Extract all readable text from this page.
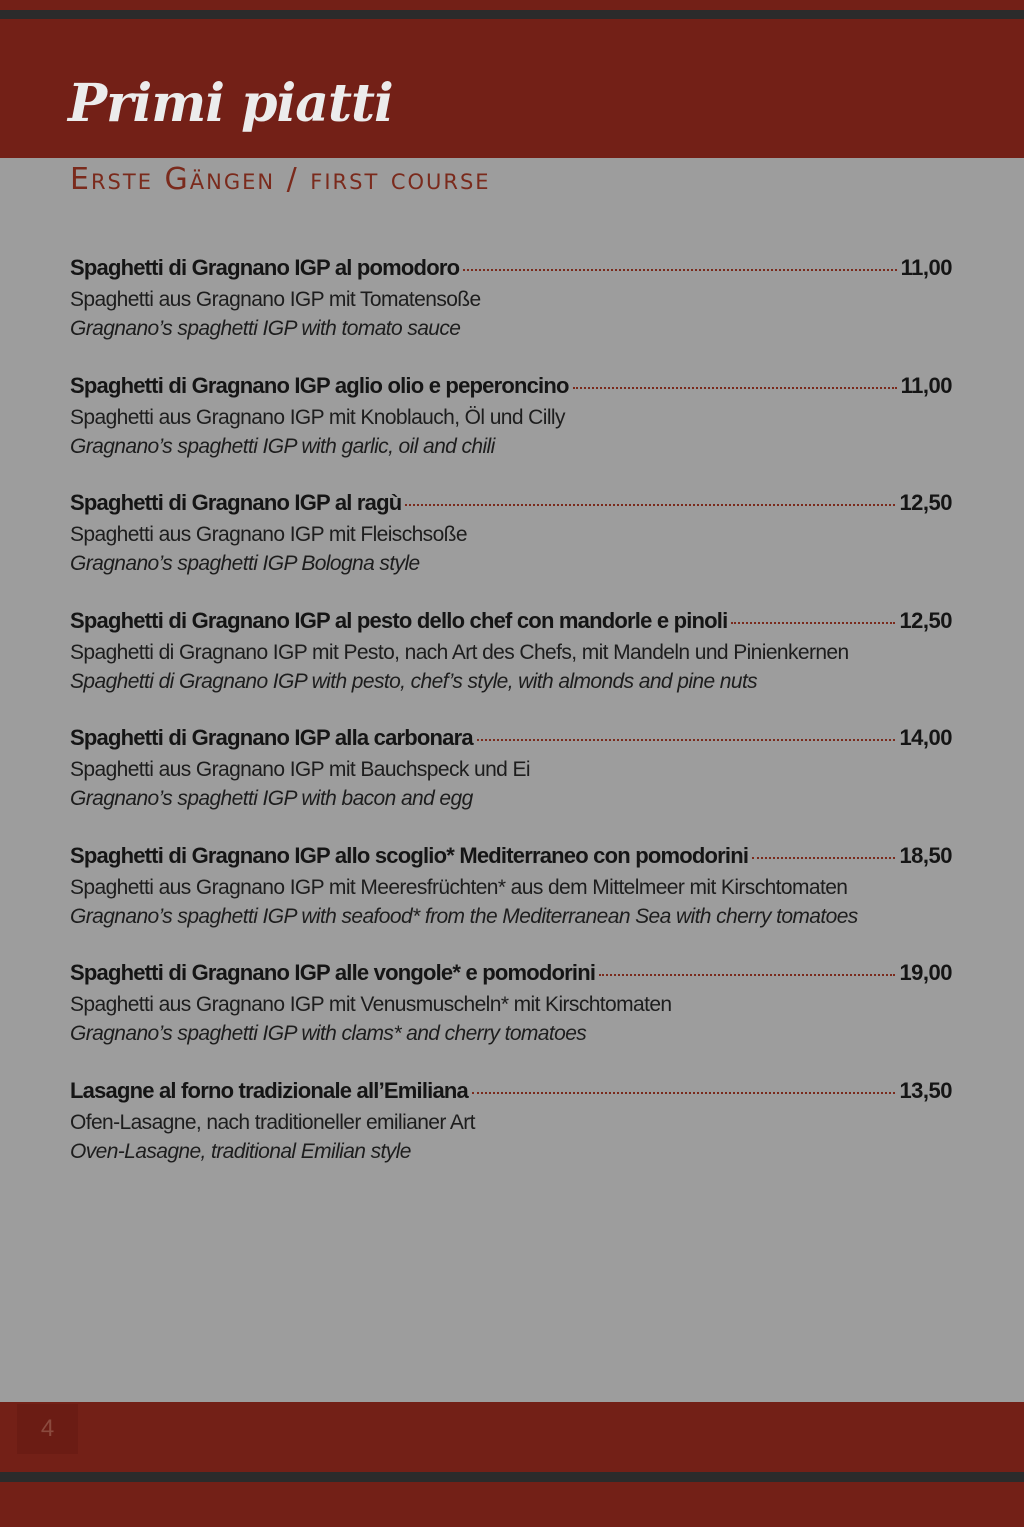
Primi piatti
Erste Gängen / first course
Spaghetti di Gragnano IGP al pomodoro	11,00
Spaghetti aus Gragnano IGP mit Tomatensoße
Gragnano’s spaghetti IGP with tomato sauce
Spaghetti di Gragnano IGP aglio olio e peperoncino	11,00
Spaghetti aus Gragnano IGP mit Knoblauch, Öl und Cilly
Gragnano’s spaghetti IGP with garlic, oil and chili
Spaghetti di Gragnano IGP al ragù	12,50
Spaghetti aus Gragnano IGP mit Fleischsoße
Gragnano’s spaghetti IGP Bologna style
Spaghetti di Gragnano IGP al pesto dello chef con mandorle e pinoli	12,50
Spaghetti di Gragnano IGP mit Pesto, nach Art des Chefs, mit Mandeln und Pinienkernen
Spaghetti di Gragnano IGP with pesto, chef’s style, with almonds and pine nuts
Spaghetti di Gragnano IGP alla carbonara	14,00
Spaghetti aus Gragnano IGP mit Bauchspeck und Ei
Gragnano’s spaghetti IGP with bacon and egg
Spaghetti di Gragnano IGP allo scoglio* Mediterraneo con pomodorini	18,50
Spaghetti aus Gragnano IGP mit Meeresfrüchten* aus dem Mittelmeer mit Kirschtomaten
Gragnano’s spaghetti IGP with seafood* from the Mediterranean Sea with cherry tomatoes
Spaghetti di Gragnano IGP alle vongole* e pomodorini	19,00
Spaghetti aus Gragnano IGP mit Venusmuscheln* mit Kirschtomaten
Gragnano’s spaghetti IGP with clams* and cherry tomatoes
Lasagne al forno tradizionale all’Emiliana	13,50
Ofen-Lasagne, nach traditioneller emilianer Art
Oven-Lasagne, traditional Emilian style
4
